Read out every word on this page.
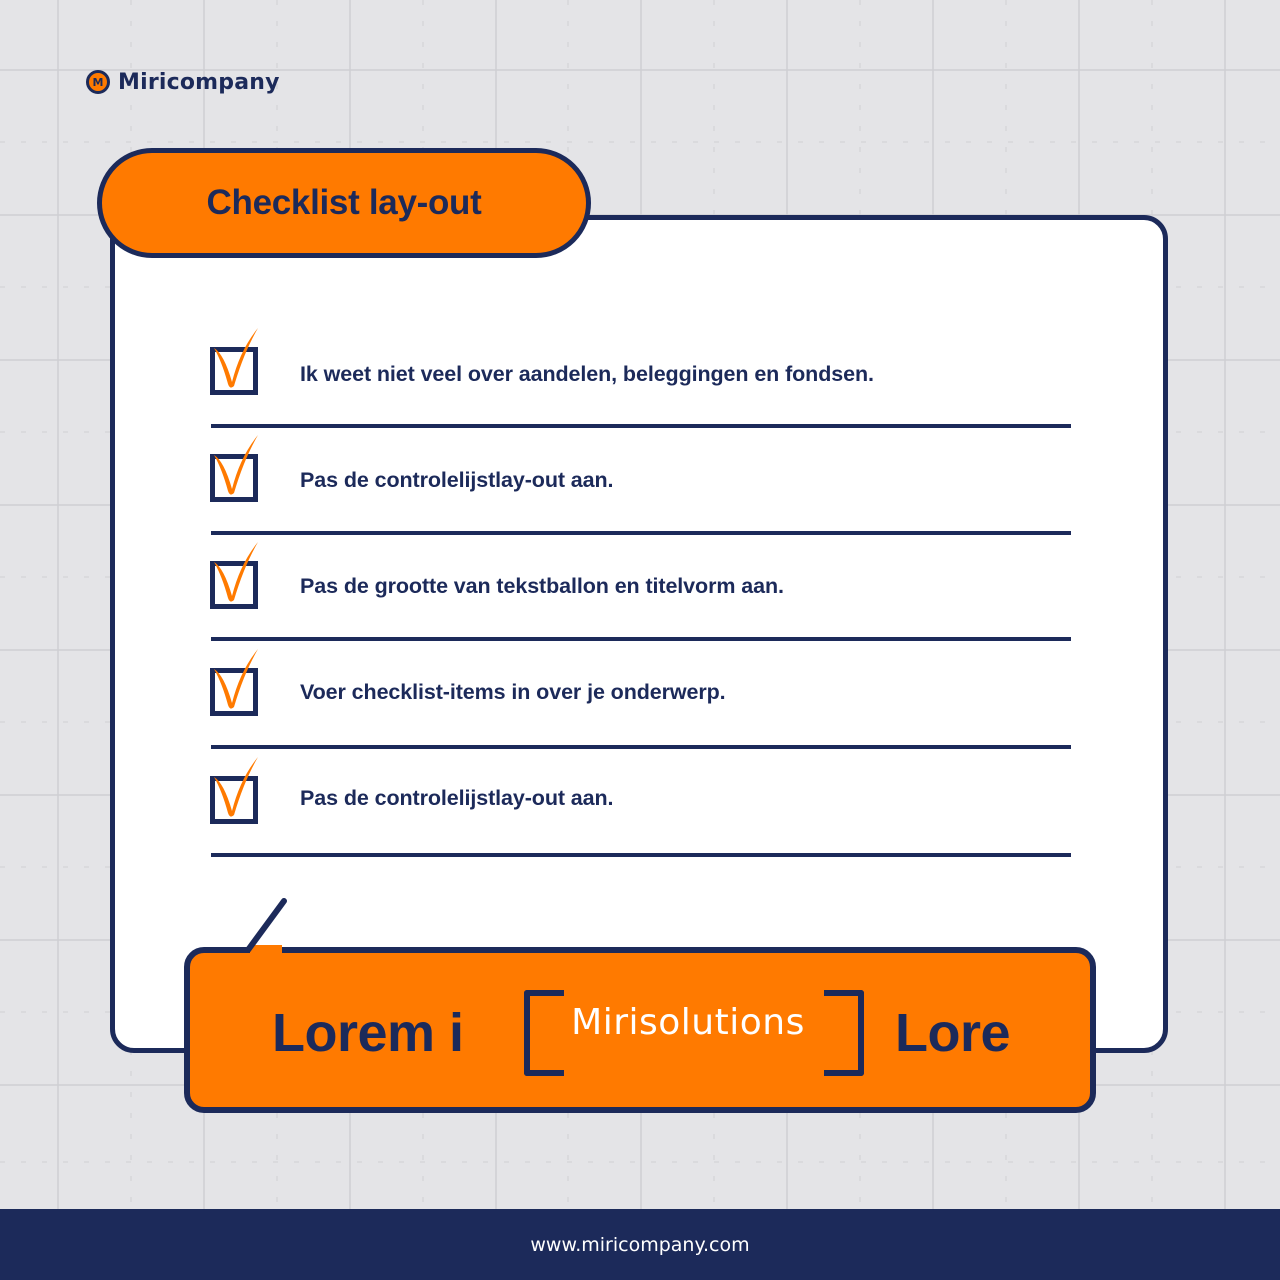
M Miricompany
Checklist lay-out
Ik weet niet veel over aandelen, beleggingen en fondsen.
Pas de controlelijstlay-out aan.
Pas de grootte van tekstballon en titelvorm aan.
Voer checklist-items in over je onderwerp.
Pas de controlelijstlay-out aan.
Lorem i	Mirisolutions Lore
www.miricompany.com
